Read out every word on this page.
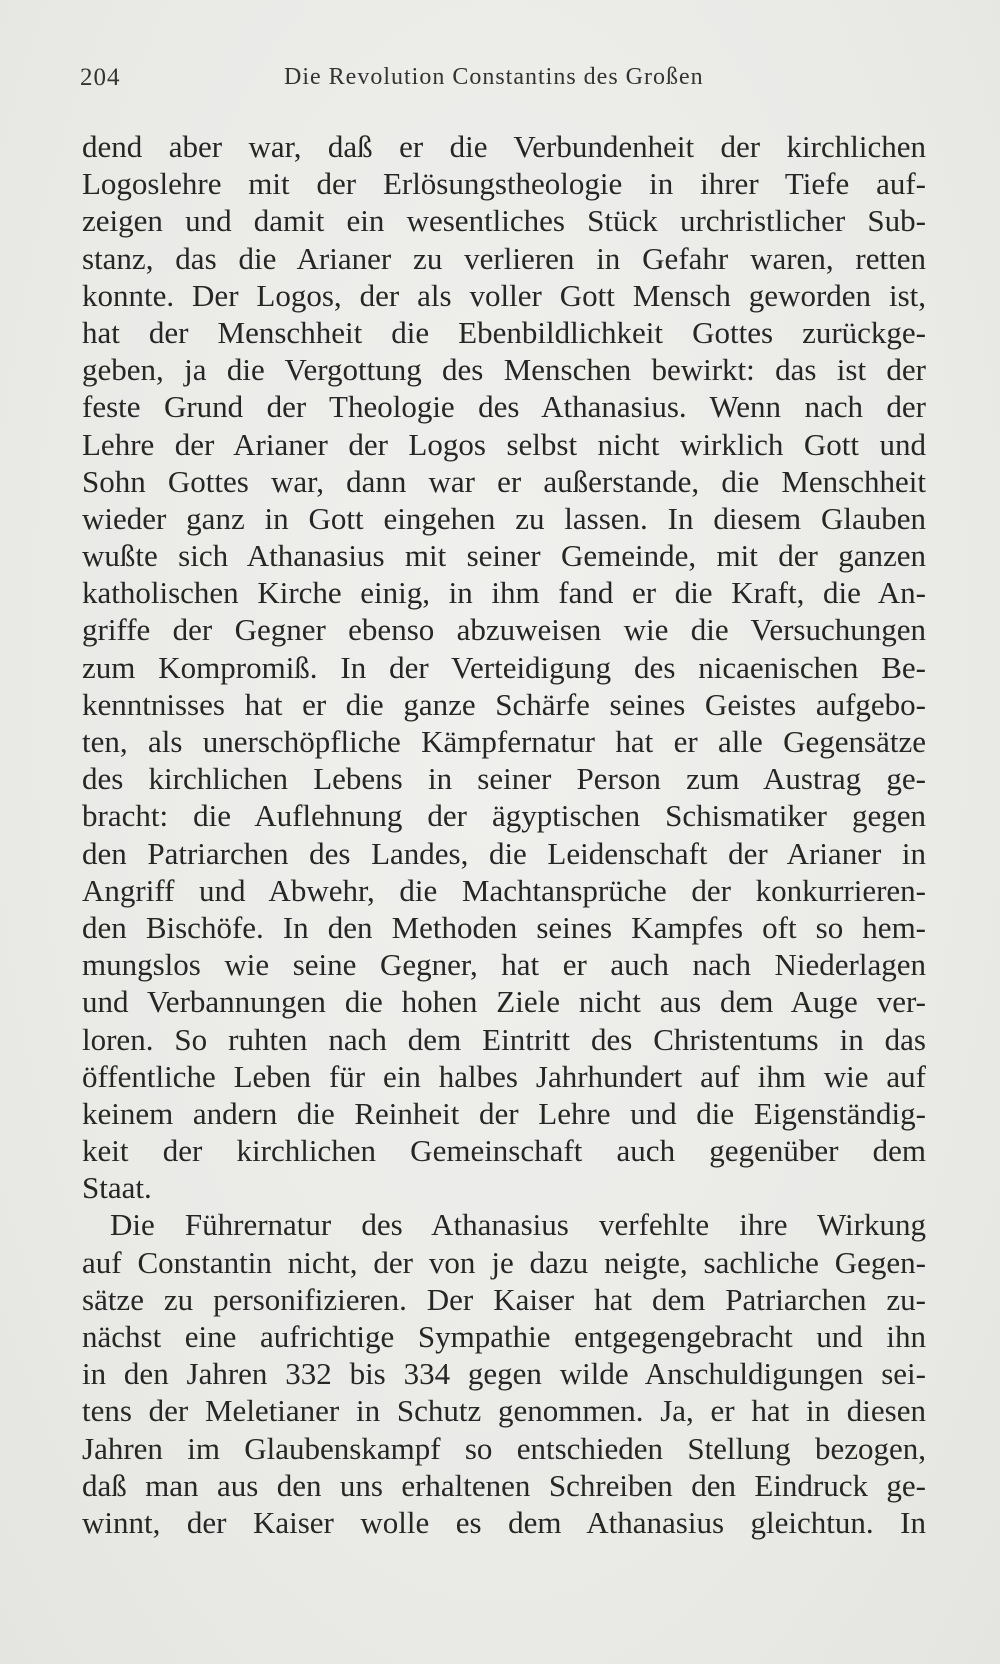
204	Die Revolution Constantins des Großen
dend aber war, daß er die Verbundenheit der kirchlichen
Logoslehre mit der Erlösungstheologie in ihrer Tiefe auf-
zeigen und damit ein wesentliches Stück urchristlicher Sub-
stanz, das die Arianer zu verlieren in Gefahr waren, retten
konnte. Der Logos, der als voller Gott Mensch geworden ist,
hat der Menschheit die Ebenbildlichkeit Gottes zurückge-
geben, ja die Vergottung des Menschen bewirkt: das ist der
feste Grund der Theologie des Athanasius. Wenn nach der
Lehre der Arianer der Logos selbst nicht wirklich Gott und
Sohn Gottes war, dann war er außerstande, die Menschheit
wieder ganz in Gott eingehen zu lassen. In diesem Glauben
wußte sich Athanasius mit seiner Gemeinde, mit der ganzen
katholischen Kirche einig, in ihm fand er die Kraft, die An-
griffe der Gegner ebenso abzuweisen wie die Versuchungen
zum Kompromiß. In der Verteidigung des nicaenischen Be-
kenntnisses hat er die ganze Schärfe seines Geistes aufgebo-
ten, als unerschöpfliche Kämpfernatur hat er alle Gegensätze
des kirchlichen Lebens in seiner Person zum Austrag ge-
bracht: die Auflehnung der ägyptischen Schismatiker gegen
den Patriarchen des Landes, die Leidenschaft der Arianer in
Angriff und Abwehr, die Machtansprüche der konkurrieren-
den Bischöfe. In den Methoden seines Kampfes oft so hem-
mungslos wie seine Gegner, hat er auch nach Niederlagen
und Verbannungen die hohen Ziele nicht aus dem Auge ver-
loren. So ruhten nach dem Eintritt des Christentums in das
öffentliche Leben für ein halbes Jahrhundert auf ihm wie auf
keinem andern die Reinheit der Lehre und die Eigenständig-
keit der kirchlichen Gemeinschaft auch gegenüber dem
Staat.
Die Führernatur des Athanasius verfehlte ihre Wirkung
auf Constantin nicht, der von je dazu neigte, sachliche Gegen-
sätze zu personifizieren. Der Kaiser hat dem Patriarchen zu-
nächst eine aufrichtige Sympathie entgegengebracht und ihn
in den Jahren 332 bis 334 gegen wilde Anschuldigungen sei-
tens der Meletianer in Schutz genommen. Ja, er hat in diesen
Jahren im Glaubenskampf so entschieden Stellung bezogen,
daß man aus den uns erhaltenen Schreiben den Eindruck ge-
winnt, der Kaiser wolle es dem Athanasius gleichtun. In
